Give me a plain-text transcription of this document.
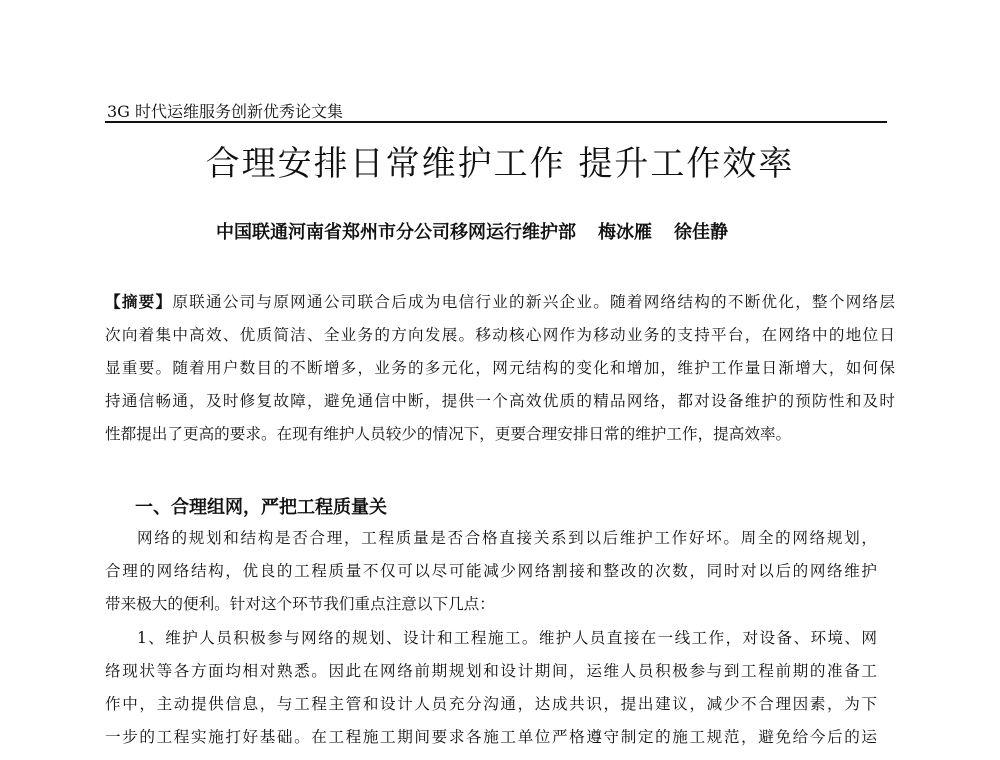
3G 时代运维服务创新优秀论文集
合理安排日常维护工作 提升工作效率
中国联通河南省郑州市分公司移网运行维护部 梅冰雁 徐佳静
【摘要】原联通公司与原网通公司联合后成为电信行业的新兴企业。随着网络结构的不断优化，整个网络层
次向着集中高效、优质简洁、全业务的方向发展。移动核心网作为移动业务的支持平台，在网络中的地位日
显重要。随着用户数目的不断增多，业务的多元化，网元结构的变化和增加，维护工作量日渐增大，如何保
持通信畅通，及时修复故障，避免通信中断，提供一个高效优质的精品网络，都对设备维护的预防性和及时
性都提出了更高的要求。在现有维护人员较少的情况下，更要合理安排日常的维护工作，提高效率。
一、合理组网，严把工程质量关
网络的规划和结构是否合理，工程质量是否合格直接关系到以后维护工作好坏。周全的网络规划，
合理的网络结构，优良的工程质量不仅可以尽可能减少网络割接和整改的次数，同时对以后的网络维护
带来极大的便利。针对这个环节我们重点注意以下几点：
1、维护人员积极参与网络的规划、设计和工程施工。维护人员直接在一线工作，对设备、环境、网
络现状等各方面均相对熟悉。因此在网络前期规划和设计期间，运维人员积极参与到工程前期的准备工
作中，主动提供信息，与工程主管和设计人员充分沟通，达成共识，提出建议，减少不合理因素，为下
一步的工程实施打好基础。在工程施工期间要求各施工单位严格遵守制定的施工规范，避免给今后的运
